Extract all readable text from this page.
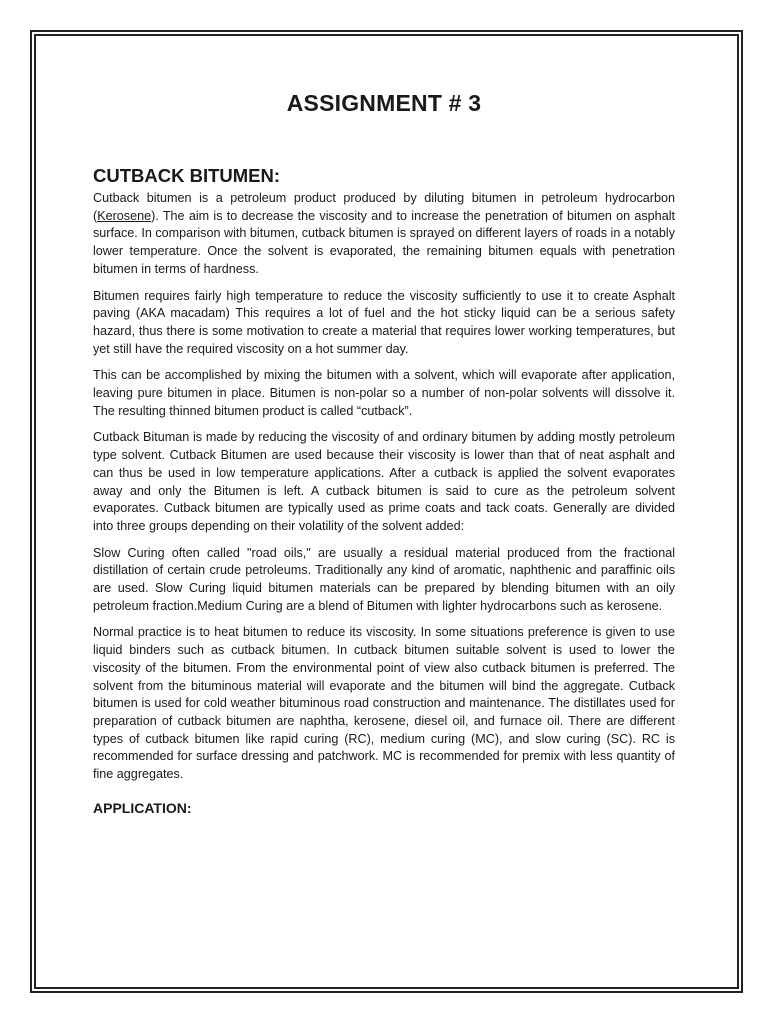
ASSIGNMENT # 3
CUTBACK BITUMEN:

Cutback bitumen is a petroleum product produced by diluting bitumen in petroleum hydrocarbon (Kerosene). The aim is to decrease the viscosity and to increase the penetration of bitumen on asphalt surface. In comparison with bitumen, cutback bitumen is sprayed on different layers of roads in a notably lower temperature. Once the solvent is evaporated, the remaining bitumen equals with penetration bitumen in terms of hardness.

Bitumen requires fairly high temperature to reduce the viscosity sufficiently to use it to create Asphalt paving (AKA macadam) This requires a lot of fuel and the hot sticky liquid can be a serious safety hazard, thus there is some motivation to create a material that requires lower working temperatures, but yet still have the required viscosity on a hot summer day.

This can be accomplished by mixing the bitumen with a solvent, which will evaporate after application, leaving pure bitumen in place. Bitumen is non-polar so a number of non-polar solvents will dissolve it. The resulting thinned bitumen product is called “cutback”.

Cutback Bituman is made by reducing the viscosity of and ordinary bitumen by adding mostly petroleum type solvent. Cutback Bitumen are used because their viscosity is lower than that of neat asphalt and can thus be used in low temperature applications. After a cutback is applied the solvent evaporates away and only the Bitumen is left. A cutback bitumen is said to cure as the petroleum solvent evaporates. Cutback bitumen are typically used as prime coats and tack coats. Generally are divided into three groups depending on their volatility of the solvent added:

Slow Curing often called "road oils," are usually a residual material produced from the fractional distillation of certain crude petroleums. Traditionally any kind of aromatic, naphthenic and paraffinic oils are used. Slow Curing liquid bitumen materials can be prepared by blending bitumen with an oily petroleum fraction.Medium Curing are a blend of Bitumen with lighter hydrocarbons such as kerosene.

Normal practice is to heat bitumen to reduce its viscosity. In some situations preference is given to use liquid binders such as cutback bitumen. In cutback bitumen suitable solvent is used to lower the viscosity of the bitumen. From the environmental point of view also cutback bitumen is preferred. The solvent from the bituminous material will evaporate and the bitumen will bind the aggregate. Cutback bitumen is used for cold weather bituminous road construction and maintenance. The distillates used for preparation of cutback bitumen are naphtha, kerosene, diesel oil, and furnace oil. There are different types of cutback bitumen like rapid curing (RC), medium curing (MC), and slow curing (SC). RC is recommended for surface dressing and patchwork. MC is recommended for premix with less quantity of fine aggregates.

APPLICATION:
